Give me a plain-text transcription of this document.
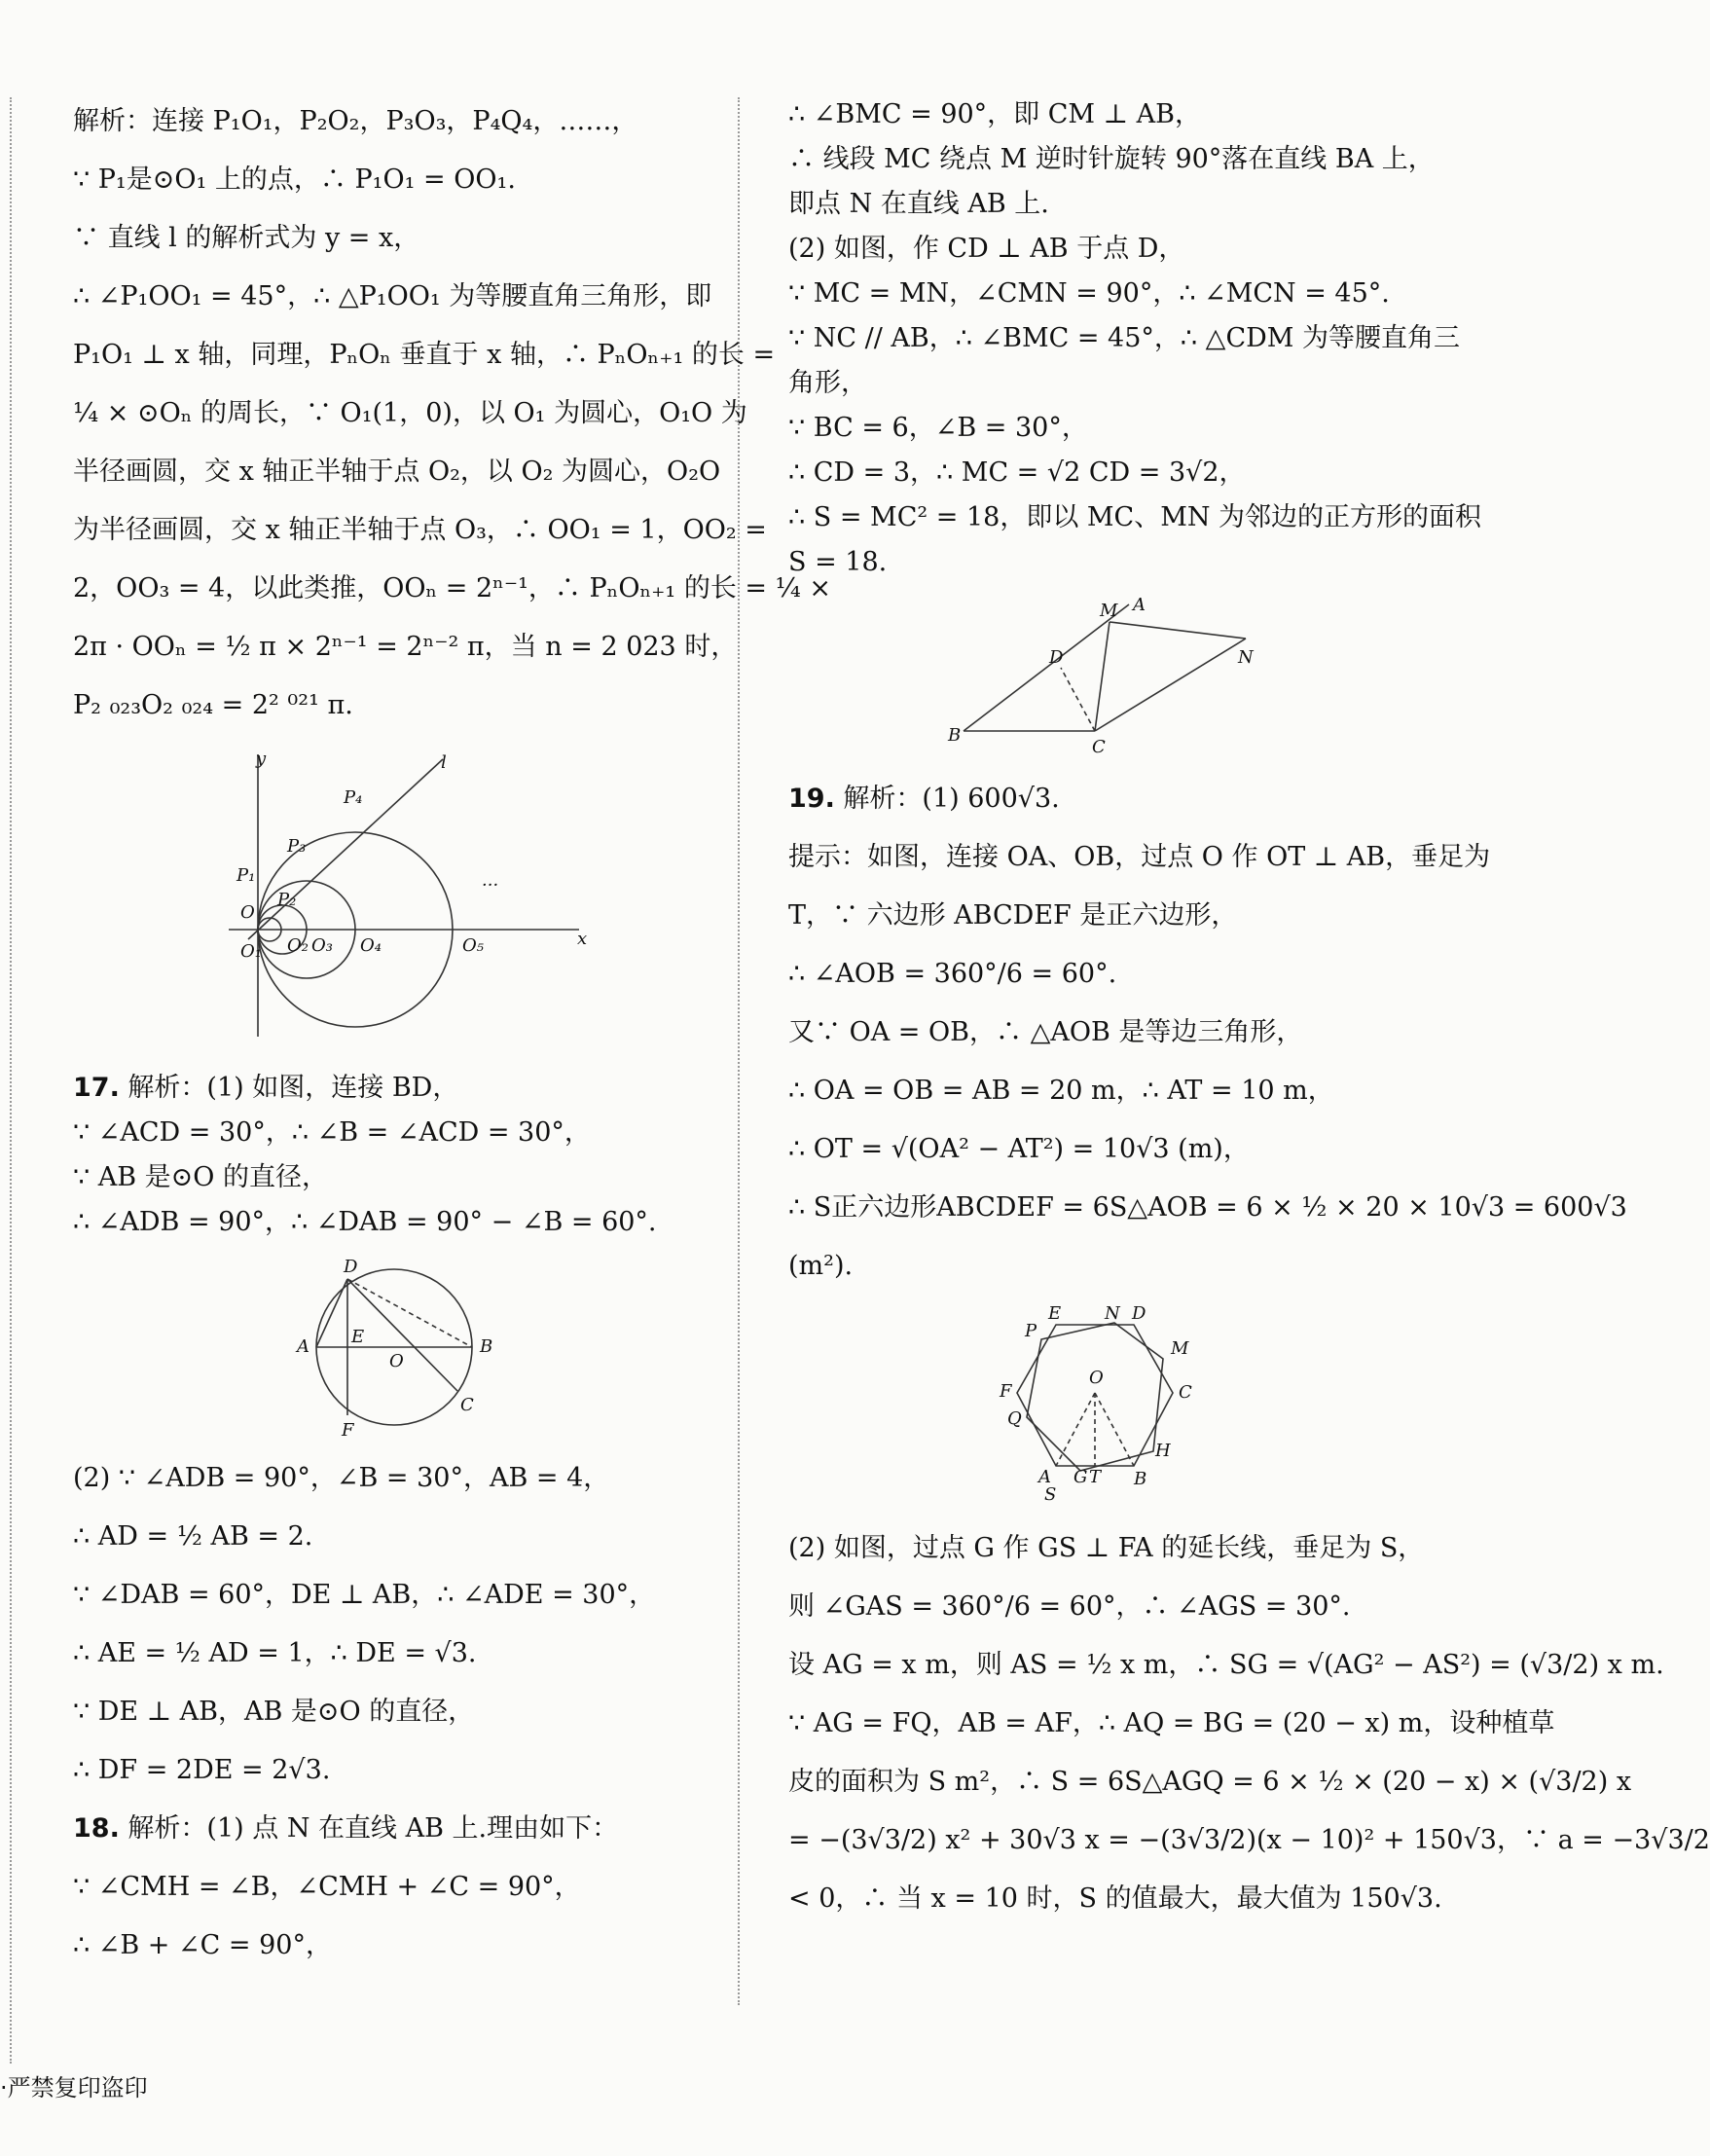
解析：连接 P₁O₁，P₂O₂，P₃O₃，P₄Q₄，……，

∵ P₁是⊙O₁ 上的点，∴ P₁O₁ = OO₁.

∵ 直线 l 的解析式为 y = x，

∴ ∠P₁OO₁ = 45°，∴ △P₁OO₁ 为等腰直角三角形，即

P₁O₁ ⊥ x 轴，同理，PₙOₙ 垂直于 x 轴，∴ PₙOₙ₊₁ 的长 =

¼ × ⊙Oₙ 的周长，∵ O₁(1，0)，以 O₁ 为圆心，O₁O 为

半径画圆，交 x 轴正半轴于点 O₂，以 O₂ 为圆心，O₂O

为半径画圆，交 x 轴正半轴于点 O₃，∴ OO₁ = 1，OO₂ =

2，OO₃ = 4，以此类推，OOₙ = 2ⁿ⁻¹，∴ PₙOₙ₊₁ 的长 = ¼ ×

2π · OOₙ = ½ π × 2ⁿ⁻¹ = 2ⁿ⁻² π，当 n = 2 023 时，

P₂ ₀₂₃O₂ ₀₂₄ = 2² ⁰²¹ π.

y	l
x
P₁
P₂
P₃
P₄
O
O₁ O₂ O₃ O₄	O₅
···

17. 解析：(1) 如图，连接 BD，

∵ ∠ACD = 30°，∴ ∠B = ∠ACD = 30°，

∵ AB 是⊙O 的直径，

∴ ∠ADB = 90°，∴ ∠DAB = 90° − ∠B = 60°.

A	B
C
D
E
F
O

(2) ∵ ∠ADB = 90°，∠B = 30°，AB = 4，

∴ AD = ½ AB = 2.

∵ ∠DAB = 60°，DE ⊥ AB，∴ ∠ADE = 30°，

∴ AE = ½ AD = 1，∴ DE = √3.

∵ DE ⊥ AB，AB 是⊙O 的直径，

∴ DF = 2DE = 2√3.

18. 解析：(1) 点 N 在直线 AB 上.理由如下：

∵ ∠CMH = ∠B，∠CMH + ∠C = 90°，

∴ ∠B + ∠C = 90°，

∴ ∠BMC = 90°，即 CM ⊥ AB，

∴ 线段 MC 绕点 M 逆时针旋转 90°落在直线 BA 上，

即点 N 在直线 AB 上.

(2) 如图，作 CD ⊥ AB 于点 D，

∵ MC = MN，∠CMN = 90°，∴ ∠MCN = 45°.

∵ NC // AB，∴ ∠BMC = 45°，∴ △CDM 为等腰直角三

角形，

∵ BC = 6，∠B = 30°，

∴ CD = 3，∴ MC = √2 CD = 3√2，

∴ S = MC² = 18，即以 MC、MN 为邻边的正方形的面积

S = 18.

B
C
D
M A
N

19. 解析：(1) 600√3.

提示：如图，连接 OA、OB，过点 O 作 OT ⊥ AB，垂足为

T，∵ 六边形 ABCDEF 是正六边形，

∴ ∠AOB = 360°/6 = 60°.

又∵ OA = OB，∴ △AOB 是等边三角形，

∴ OA = OB = AB = 20 m，∴ AT = 10 m，

∴ OT = √(OA² − AT²) = 10√3 (m)，

∴ S正六边形ABCDEF = 6S△AOB = 6 × ½ × 20 × 10√3 = 600√3

(m²).

E N D
P
M
C
F
O
Q
H
A
S
G T B

(2) 如图，过点 G 作 GS ⊥ FA 的延长线，垂足为 S，

则 ∠GAS = 360°/6 = 60°，∴ ∠AGS = 30°.

设 AG = x m，则 AS = ½ x m，∴ SG = √(AG² − AS²) = (√3/2) x m.

∵ AG = FQ，AB = AF，∴ AQ = BG = (20 − x) m，设种植草

皮的面积为 S m²，∴ S = 6S△AGQ = 6 × ½ × (20 − x) × (√3/2) x

= −(3√3/2) x² + 30√3 x = −(3√3/2)(x − 10)² + 150√3，∵ a = −3√3/2

< 0，∴ 当 x = 10 时，S 的值最大，最大值为 150√3.

·严禁复印盗印
